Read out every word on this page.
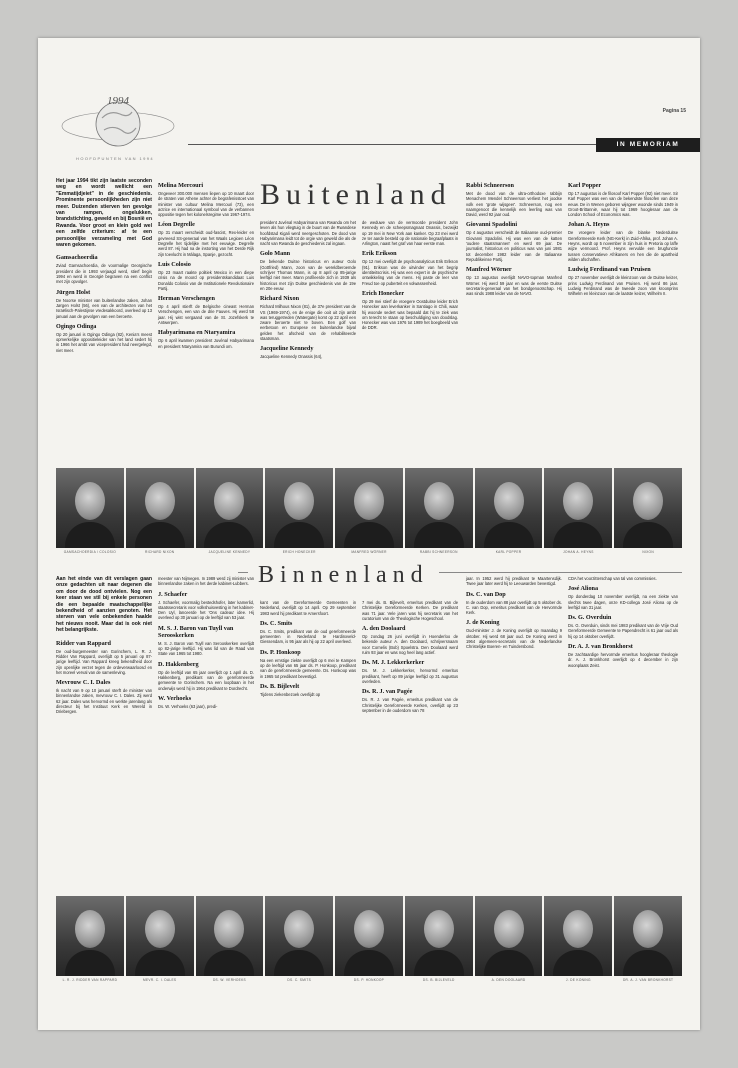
Pagina 15
1994
HOOFDPUNTEN VAN 1994
IN MEMORIAM

Het jaar 1994 tikt zijn laatste seconden weg en wordt wellicht een "Emmatijdjeiet" in de geschiedenis. Prominente persoonlijkheden zijn niet meer. Duizenden stierven ten gevolge van rampen, ongelukken, brandstichting, geweld en bij Bosnië en Rwanda. Voor groot en klein gold wel een zelfde criterium: af te een persoonlijke verzameling met God waren gekomen.

Gamsachoerdia

Zviad Gamsachoerdia, de voormalige Georgische president die in 1993 verjaagd werd, stierf begin 1994 en werd in Georgië begraven na een conflict met zijn opvolger.

Jürgen Holst

De Noorse minister van buitenlandse zaken, Johan Jørgen Holst (56), een van de architecten van het Israëlisch-Palestijnse vredesakkoord, overleed op 13 januari aan de gevolgen van een beroerte.

Ogingo Odinga

Op 20 januari is Ogingo Odinga (82), Kenia's meest opmerkelijke oppositieleider van het land sedert hij in 1966 het ambt van vicepresident had neergelegd, niet meer.

Melina Mercouri

Ongeveer 300.000 mensen liepen op 10 maart door de straten van Athene achter de begrafenisstoet van minister van cultuur Melina Mercouri (73), een actrice en internationaal symbool van de verbannen oppositie tegen het kolonelsregime van 1967-1974.

Léon Degrelle

Op 31 maart verscheidt oud-fascist, Rex-leider en gevreesd SS-generaal van het Waals Legioen Léon Degrelle het tijdelijke met het eeuwige. Degrelle werd 87. Hij had na de instorting van het Derde Rijk zijn toevlucht in Málaga, Spanje, gezocht.

Luis Colosio

Op 23 maart raakte politiek Mexico in een diepe crisis na de moord op presidentskandidaat Luis Donaldo Colosio van de Institutionele Revolutionaire Partij.

Herman Verschengen

Op 4 april stierft de Belgische cineast Herman Verschengen, een van de drie Fauves. Hij werd 58 jaar. Hij wist vergaand van de St. Jozefskerk te Antwerpen.

Habyarimana en Ntaryamira

Op 6 april kwamen president Juvénal Habyarimana en president Ntaryamira van Burundi om.

Buitenland

president Juvénal Habyarimana van Rwanda om het leven als hun vliegtuig in de buurt van de Rwandese hoofdstad Kigali werd neergeschoten. De dood van Habyarimana leidt tot de orgie van geweld die als de nacht van Rwanda de geschiedenis zal ingaan.

Golo Mann

De bekende Duitse historicus en auteur Golo (Gottfried) Mann, zoon van de wereldberoemde schrijver Thomas Mann, is op 8 april op 85-jarige leeftijd niet meer. Mann profileerde zich in 1939 als historicus met zijn Duitse geschiedenis van de 19e en 20e eeuw.

Richard Nixon

Richard Milhous Nixon (81), de 37e president van de VS (1969-1974), en de enige die ooit uit zijn ambt was teruggetreden (Watergate) komt op 22 april een zware beroerte niet te boven. Een golf van eerbetoon en Europese en buitenlandse bijval gelden het afscheid van de rehabiliteerde staatsman.

Jacqueline Kennedy

Jacqueline Kennedy Onassis (64),

de weduwe van de vermoorde president John Kennedy en de scheepsmagnaat Onassis, bezwijkt op 19 mei in New York aan kanker. Op 23 mei werd ze ter aarde besteld op de nationale begraafplaats in Arlington, naast het graf van haar eerste man.

Erik Erikson

Op 12 mei overlijdt de psychoanalyticus Erik Erikson (91). Erikson was de uitvinder van het begrip identiteitscrisis. Hij was een expert in de psychische ontwikkeling van de mens. Hij paste de leer van Freud toe op puberteit en volwassenheid.

Erich Honecker

Op 29 mei stierf de vroegere Oostduitse leider Erich Honecker aan leverkanker in Santiago in Chili, waar hij woonde sedert was bepaald dat hij te ziek was om terecht te staan op beschuldiging van doodslag. Honecker was van 1976 tot 1989 het boegbeeld van de DDR.

Rabbi Schneerson

Met de dood van de ultra-orthodoxe rabbijn Menachem Mendel Schneerson verliest het joodse volk een 'grote wijsgeer'. Schneerson, nog een naamgenoot die kennelijk een leerling was van David, werd 92 jaar oud.

Giovanni Spadolini

Op 4 augustus verscheidt de Italiaanse oud-premier Giovanni Spadolini. Hij was een van de katten 'oudere staatsmannen' en werd 69 jaar. De journalist, historicus en politicus was van juni 1981 tot december 1982 leider van de Italiaanse Republikeinse Partij.

Manfred Wörner

Op 13 augustus overlijdt NAVO-topman Manfred Wörner. Hij werd 59 jaar en was de eerste Duitse secretaris-generaal van het bondgenootschap. Hij was sinds 1988 leider van de NAVO.

Karl Popper

Op 17 augustus is de filosoof Karl Popper (92) niet meer. Sir Karl Popper was een van de bekendste filosofen van deze eeuw. De in Wenen geboren wijsgeer woonde sinds 1949 in Groot-Brittannië, waar hij tot 1969 hoogleraar aan de London School of Economics was.

Johan A. Heyns

De vroegere leider van de blanke Nederduitse Gereformeerde Kerk (NG-Kerk) in Zuid-Afrika, prof. Johan A. Heyns, wordt op 5 november in zijn huis in Pretoria op laffe wijze vermoord. Prof. Heyns vervulde een brugfunctie tussen conservatieve Afrikaners en hen die de apartheid wilden afschaffen.

Ludwig Ferdinand van Pruisen

Op 27 november overlijdt de kleinzoon van de Duitse keizer, prins Ludwig Ferdinand van Pruisen. Hij werd 86 jaar. Ludwig Ferdinand was de tweede zoon van kroonprins Wilhelm en kleinzoon van de laatste keizer, Wilhelm II.

GAMSACHOERDIA / COLOSIO	RICHARD NIXON	JACQUELINE KENNEDY	ERICH HONECKER	MANFRED WÖRNER	RABBI SCHNEERSON	KARL POPPER	JOHAN A. HEYNS	NIXON
Binnenland

Aan het einde van dit verslagen gaan onze gedachten uit naar degenen die om door de dood ontvielen. Nog een keer staan we stil bij enkele personen die een bepaalde maatschappelijke bekendheid of aanzien genoten. Het sterven van vele onbekenden haalde het nieuws nooit. Maar dat is ook niet het belangrijkste.

Ridder van Rappard

De oud-burgemeester van Gorinchem, L. R. J. Ridder Van Rappard, overlijdt op 5 januari op 87-jarige leeftijd. Van Rappard kreeg bekendheid door zijn openlijke verzet tegen de ordeverwaarloosd en het moreel verval van de samenleving.

Mevrouw C. I. Dales

Ik nacht van 9 op 10 januari sterft de minister van binnenlandse zaken, mevrouw C. I. Dales. Zij werd 62 jaar. Dales was hervormd en werkte jarenlang als directeur bij het Instituut Kerk en Wereld in Driebergen.

meester van Nijmegen. In 1989 werd zij minister van binnenlandse zaken in het derde kabinet-Lubbers.

J. Schaefer

J. Schaefer, voormalig bestedshofer, later kamerlid, staatssecretaris voor volkshuisvesting in het kabinet-Den Uyl, lanceerde het 'Ons cadeau' idee. Hij overleed op 30 januari op de leeftijd van 53 jaar.

M. S. J. Baron van Tuyll van Serooskerken

M. S. J. Baron van Tuyll van Serooskerken overlijdt op 82-jarige leeftijd. Hij was lid van de Raad van State van 1965 tot 1980.

D. Hakkenberg

Op de leeftijd van 65 jaar overlijdt op 1 april ds. D. Hakkenberg, predikant van de gereformeerde gemeente te Gorinchem. Na een loopbaan in het onderwijs werd hij in 1964 predikant te Dordrecht.

W. Verhoeks

Ds. W. Verhoeks (63 jaar), predi-

kant van de Gereformeerde Gemeenten in Nederland, overlijdt op 14 april. Op 29 september 1983 werd hij predikant te Amersfoort.

Ds. C. Smits

Ds. C. Smits, predikant van de oud gereformeerde gemeenten in Nederland te Hardinxveld-Giessendam, is 95 jaar als hij op 22 april overleed.

Ds. P. Honkoop

Na een ernstige ziekte overlijdt op 6 mei te Kampen op de leeftijd van 65 jaar ds. P. Honkoop, predikant van de gereformeerde gemeente. Ds. Honkoop was in 1965 tot predikant bevestigd.

Ds. B. Bijlevelt

Tijdens ziekenbezoek overlijdt op

7 mei ds. B. Bijlevelt, emeritus predikant van de Christelijke Gereformeerde Kerken. De predikant was 71 jaar. Vele jaren was hij secretaris van het curatorium van de Theologische Hogeschool.

A. den Doolaard

Op zondag 26 juni overlijdt in Hoenderloo de bekende auteur A. den Doolaard, schrijversnaam voor Cornelis (Bob) Spoelstra. Den Doolaard werd ruim 93 jaar en was nog heel lang actief.

Ds. M. J. Lekkerkerker

Ds. M. J. Lekkerkerker, hervormd emeritus predikant, heeft op 89 jarige leeftijd op 31 augustus overleden.

Ds. R. J. van Pagée

Ds. R. J. van Pagée, emeritus predikant van de Christelijke Gereformeerde Kerken, overlijdt op 23 september in de ouderdom van 78

jaar. In 1952 werd hij predikant te Maartensdijk. Twee jaar later werd hij te Leeuwarden bevestigd.

Ds. C. van Dop

In de ouderdom van 88 jaar overlijdt op 5 oktober ds. C. van Dop, emeritus predikant van de Hervormde Kerk.

J. de Koning

Oud-minister J. de Koning overlijdt op maandag 9 oktober. Hij werd 68 jaar oud. De Koning werd in 1964 algemeen-secretaris van de Nederlandse Christelijke Boeren- en Tuindersbond.

CDA het voorzitterschap van tal van commissies.

José Aliona

Op donderdag 10 november overlijdt, na een ziekte van slechts twee dagen, onze KD-collega José Aliona op de leeftijd van 31 jaar.

Ds. G. Overduin

Ds. G. Overduin, sinds mei 1983 predikant van de Vrije Oud Gereformeerde Gemeente te Papendrecht is 61 jaar oud als hij op 14 oktober overlijdt.

Dr. A. J. van Bronkhorst

De zachtaardige hervormde emeritus hoogleraar theologie dr. A. J. Bronkhorst overlijdt op 4 december in zijn woonplaats Zeist.

L. R. J. RIDDER VAN RAPPARD	MEVR. C. I. DALES	DS. W. VERHOEKS	DS. C. SMITS	DS. P. HONKOOP	DS. B. BIJLEVELD	A. DEN DOOLAARD	J. DE KONING	DR. A. J. VAN BRONKHORST
